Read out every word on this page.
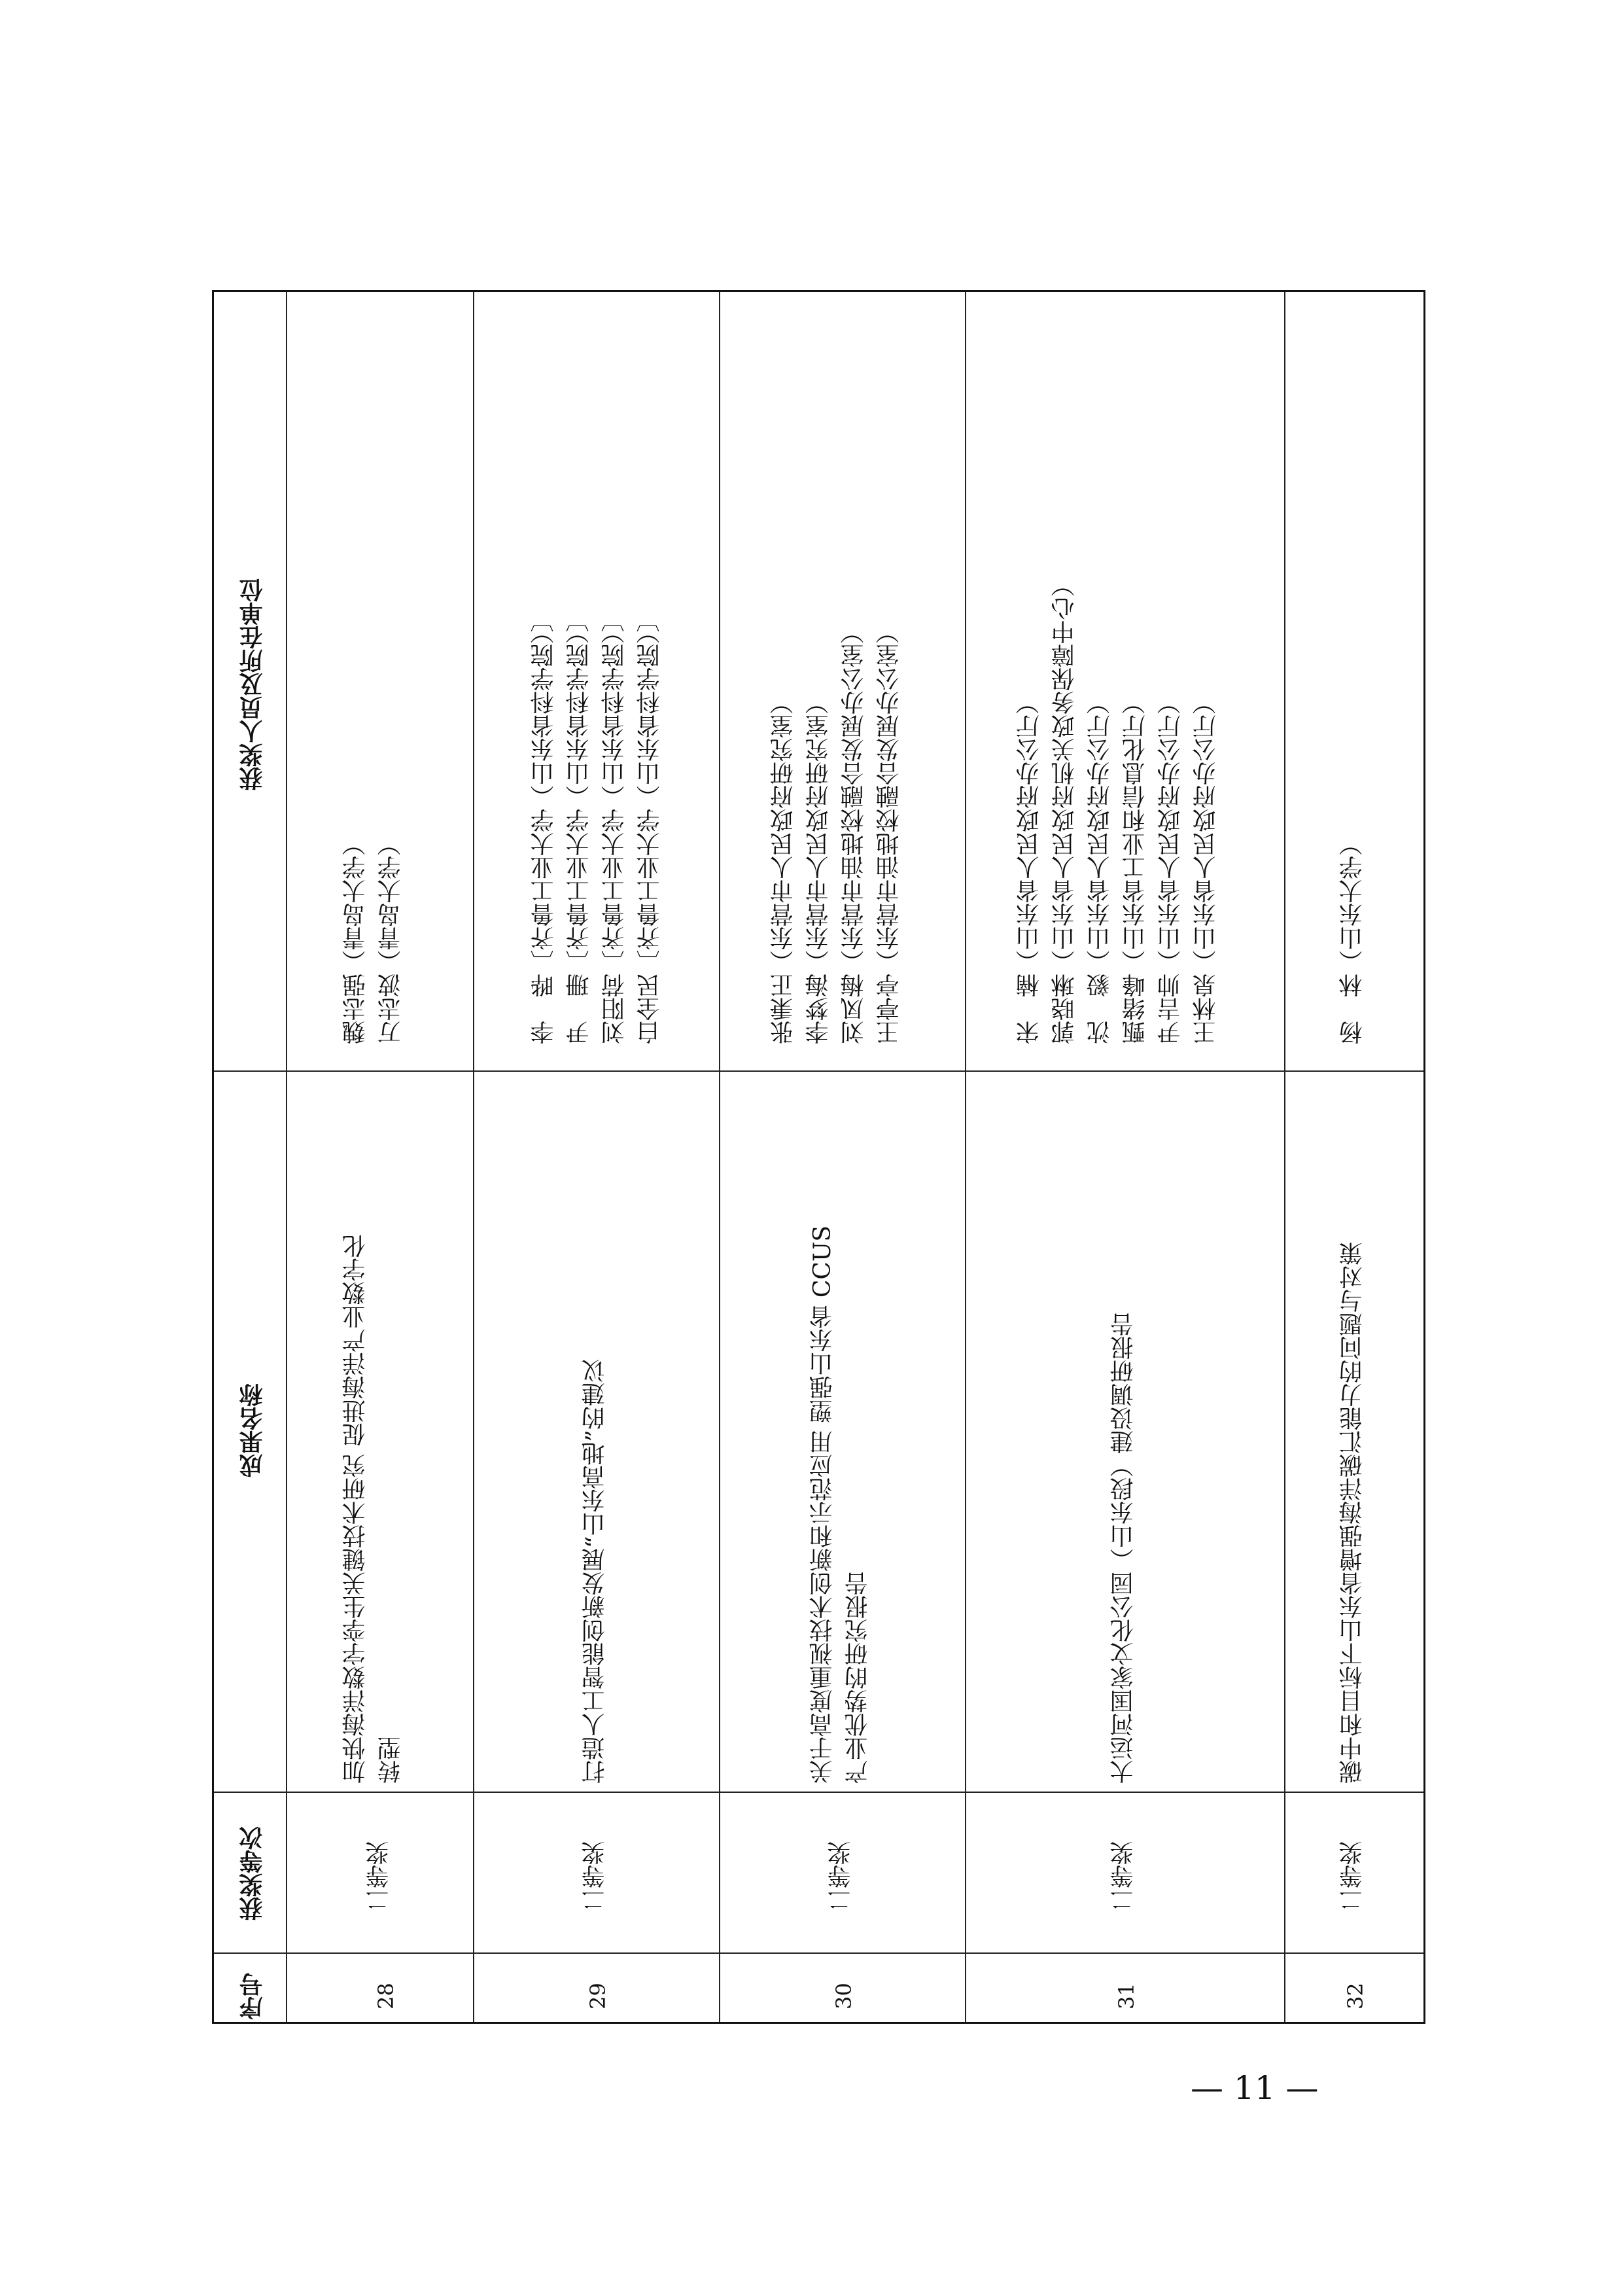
获奖人员及所在单位
成果名称
获奖等次
序号	28
二等奖
加快海洋数字孪生关键技术研究 促进海洋产业数字化
转型
魏志强（青岛大学）
万志波（青岛大学）
29
二等奖
打造人工智能创新发展“山东高地”的建议
李　晔〔齐鲁工业大学（山东省科学院）〕
尹　珊〔齐鲁工业大学（山东省科学院）〕
刘阳荷〔齐鲁工业大学（山东省科学院）〕
白全民〔齐鲁工业大学（山东省科学院）〕
30
二等奖
关于高度重视技术创新和示范应用 塑强山东省 CCUS
产业优势的研究报告
张秉正（东营市人民政府研究室）
李梦海（东营市人民政府研究室）
刘凤梅（东营市油地校融合发展办公室）
王亭亭（东营市油地校融合发展办公室）
31
二等奖
大运河国家文化公园（山东段）建设调研报告
宋　楠（山东省人民政府办公厅）
郭晓琳（山东省人民政府机关政务保障中心）
沈　毅（山东省人民政府办公厅）
甄绪峰（山东省工业和信息化厅）
尹吉帅（山东省人民政府办公厅）
王林泉（山东省人民政府办公厅）
32
二等奖
碳中和目标下山东省增强海洋碳汇能力的问题与对策
杨　林（山东大学）
— 11 —
